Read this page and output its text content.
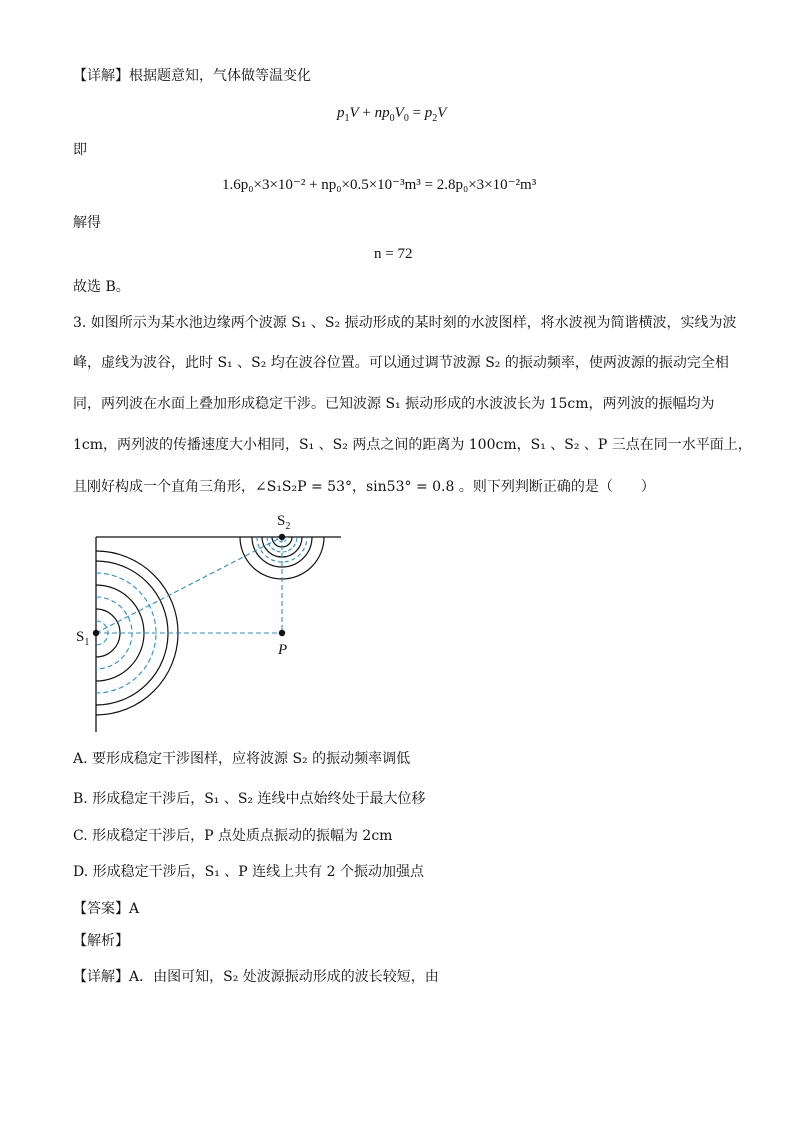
【详解】根据题意知，气体做等温变化
$p_1V + np_0V_0 = p_2V$
即
1.6p₀×3×10⁻² + np₀×0.5×10⁻³m³ = 2.8p₀×3×10⁻²m³
解得
n = 72
故选 B。
3. 如图所示为某水池边缘两个波源 S₁ 、S₂ 振动形成的某时刻的水波图样，将水波视为简谐横波，实线为波
峰，虚线为波谷，此时 S₁ 、S₂ 均在波谷位置。可以通过调节波源 S₂ 的振动频率，使两波源的振动完全相
同，两列波在水面上叠加形成稳定干涉。已知波源 S₁ 振动形成的水波波长为 15cm，两列波的振幅均为
1cm，两列波的传播速度大小相同，S₁ 、S₂ 两点之间的距离为 100cm，S₁ 、S₂ 、P 三点在同一水平面上，
且刚好构成一个直角三角形，∠S₁S₂P = 53°，sin53° = 0.8 。则下列判断正确的是（　　）
$S_1$
$S_2$
P
A. 要形成稳定干涉图样，应将波源 S₂ 的振动频率调低
B. 形成稳定干涉后，S₁ 、S₂ 连线中点始终处于最大位移
C. 形成稳定干涉后，P 点处质点振动的振幅为 2cm
D. 形成稳定干涉后，S₁ 、P 连线上共有 2 个振动加强点
【答案】A
【解析】
【详解】A．由图可知，S₂ 处波源振动形成的波长较短，由
